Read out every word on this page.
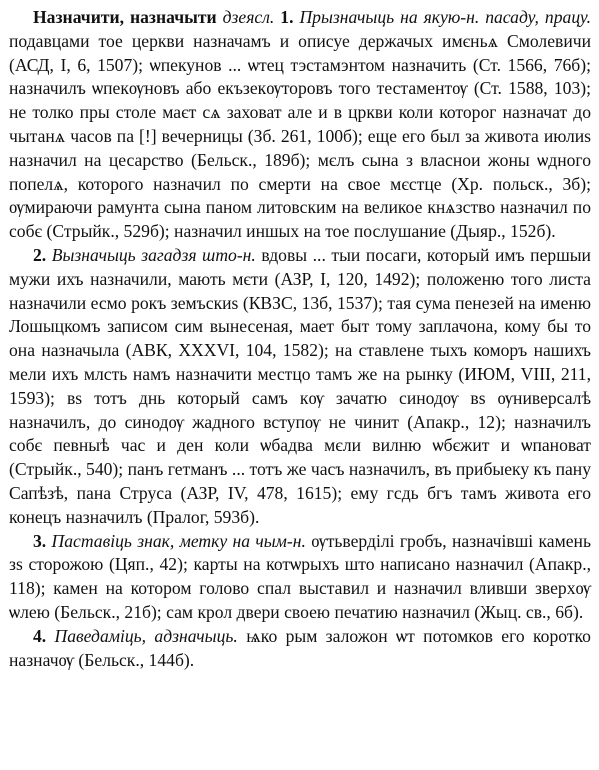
Назначити, назначыти дзеясл. 1. Прызначыць на якую-н. пасаду, працу. подавцами тое церкви назначамъ и описуе держачых имєньѧ Смолевичи (АСД, I, 6, 1507); ѡпекунов ... ѡтец тэстамэнтом назначить (Ст. 1566, 76б); назначилъ ѡпекѹновъ або екъзекѹторовъ того тестаментѹ (Ст. 1588, 103); не толко пры столе маєт сѧ заховат але и в цркви коли которог назначат до чытанѧ часов па [!] вечерницы (Зб. 261, 100б); еще его был за живота июлиs назначил на цесарство (Бельск., 189б); мєлъ сына з власнои жоны ѡдного попелѧ, которого назначил по смерти на свое мєстце (Хр. польск., 3б); ѹмираючи рамунта сына паном литовским на великое кнѧзство назначил по собє (Стрыйк., 529б); назначил иншых на тое послушание (Дыяр., 152б).

2. Вызначыць загадзя што-н. вдовы ... тыи посаги, который имъ першыи мужи ихъ назначили, мають мєти (АЗР, I, 120, 1492); положеню того листа назначили есмо рокъ земъскиs (КВЗС, 13б, 1537); тая сума пенезей на именю Лошыцкомъ записом сим вынесеная, мает быт тому заплачона, кому бы то она назначыла (АВК, XXXVI, 104, 1582); на ставлене тыхъ коморъ нашихъ мели ихъ млсть намъ назначити местцо тамъ же на рынку (ИЮМ, VIII, 211, 1593); вs тотъ днь который самъ кѹ зачатю синодѹ вs ѹниверсалѣ назначилъ, до синодѹ жадного вступѹ не чинит (Апакр., 12); назначилъ собє певныѣ час и ден коли ѡбадва мєли вилню ѡбєжит и ѡпановат (Стрыйк., 540); панъ гетманъ ... тотъ же часъ назначилъ, въ прибыеку къ пану Сапѣзѣ, пана Струса (АЗР, IV, 478, 1615); ему гсдь бгъ тамъ живота его конецъ назначилъ (Пралог, 593б).

3. Паставіць знак, метку на чым-н. ѹтьверділі гробъ, назначівші камень зs сторожою (Цяп., 42); карты на котѡрыхъ што написано назначил (Апакр., 118); камен на котором голово спал выставил и назначил вливши зверхѹ ѡлею (Бельск., 21б); сам крол двери своею печатию назначил (Жыц. св., 6б).

4. Паведаміць, адзначыць. ѩко рым заложон ѡт потомков его коротко назначѹ (Бельск., 144б).
